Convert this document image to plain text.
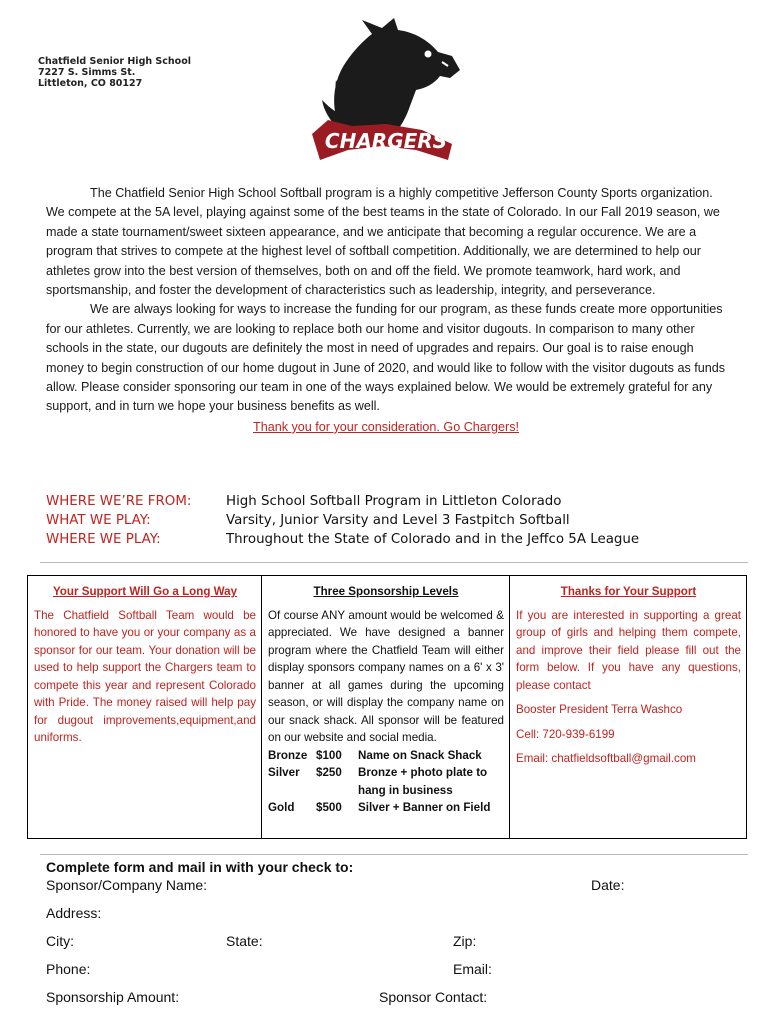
Chatfield Senior High School
7227 S. Simms St.
Littleton, CO 80127
CHARGERS

The Chatfield Senior High School Softball program is a highly competitive Jefferson County Sports organization. We compete at the 5A level, playing against some of the best teams in the state of Colorado. In our Fall 2019 season, we made a state tournament/sweet sixteen appearance, and we anticipate that becoming a regular occurence. We are a program that strives to compete at the highest level of softball competition. Additionally, we are determined to help our athletes grow into the best version of themselves, both on and off the field. We promote teamwork, hard work, and sportsmanship, and foster the development of characteristics such as leadership, integrity, and perseverance.

We are always looking for ways to increase the funding for our program, as these funds create more opportunities for our athletes. Currently, we are looking to replace both our home and visitor dugouts. In comparison to many other schools in the state, our dugouts are definitely the most in need of upgrades and repairs. Our goal is to raise enough money to begin construction of our home dugout in June of 2020, and would like to follow with the visitor dugouts as funds allow. Please consider sponsoring our team in one of the ways explained below. We would be extremely grateful for any support, and in turn we hope your business benefits as well.

Thank you for your consideration. Go Chargers!
WHERE WE’RE FROM:	High School Softball Program in Littleton Colorado
WHAT WE PLAY:	Varsity, Junior Varsity and Level 3 Fastpitch Softball
WHERE WE PLAY:	Throughout the State of Colorado and in the Jeffco 5A League
Your Support Will Go a Long Way
The Chatfield Softball Team would be honored to have you or your company as a sponsor for our team. Your donation will be used to help support the Chargers team to compete this year and represent Colorado with Pride. The money raised will help pay for dugout improvements,equipment,and uniforms.
Three Sponsorship Levels
Of course ANY amount would be welcomed & appreciated. We have designed a banner program where the Chatfield Team will either display sponsors company names on a 6' x 3' banner at all games during the upcoming season, or will display the company name on our snack shack. All sponsor will be featured on our website and social media.
Bronze $100	Name on Snack Shack
Silver	$250	Bronze + photo plate to hang in business
Gold	$500	Silver + Banner on Field
Thanks for Your Support

If you are interested in supporting a great group of girls and helping them compete, and improve their field please fill out the form below. If you have any questions, please contact

Booster President Terra Washco

Cell: 720-939-6199

Email: chatfieldsoftball@gmail.com

Complete form and mail in with your check to:
Sponsor/Company Name:	Date:
Address:
City:	State:	Zip:
Phone:	Email:
Sponsorship Amount:	Sponsor Contact:
